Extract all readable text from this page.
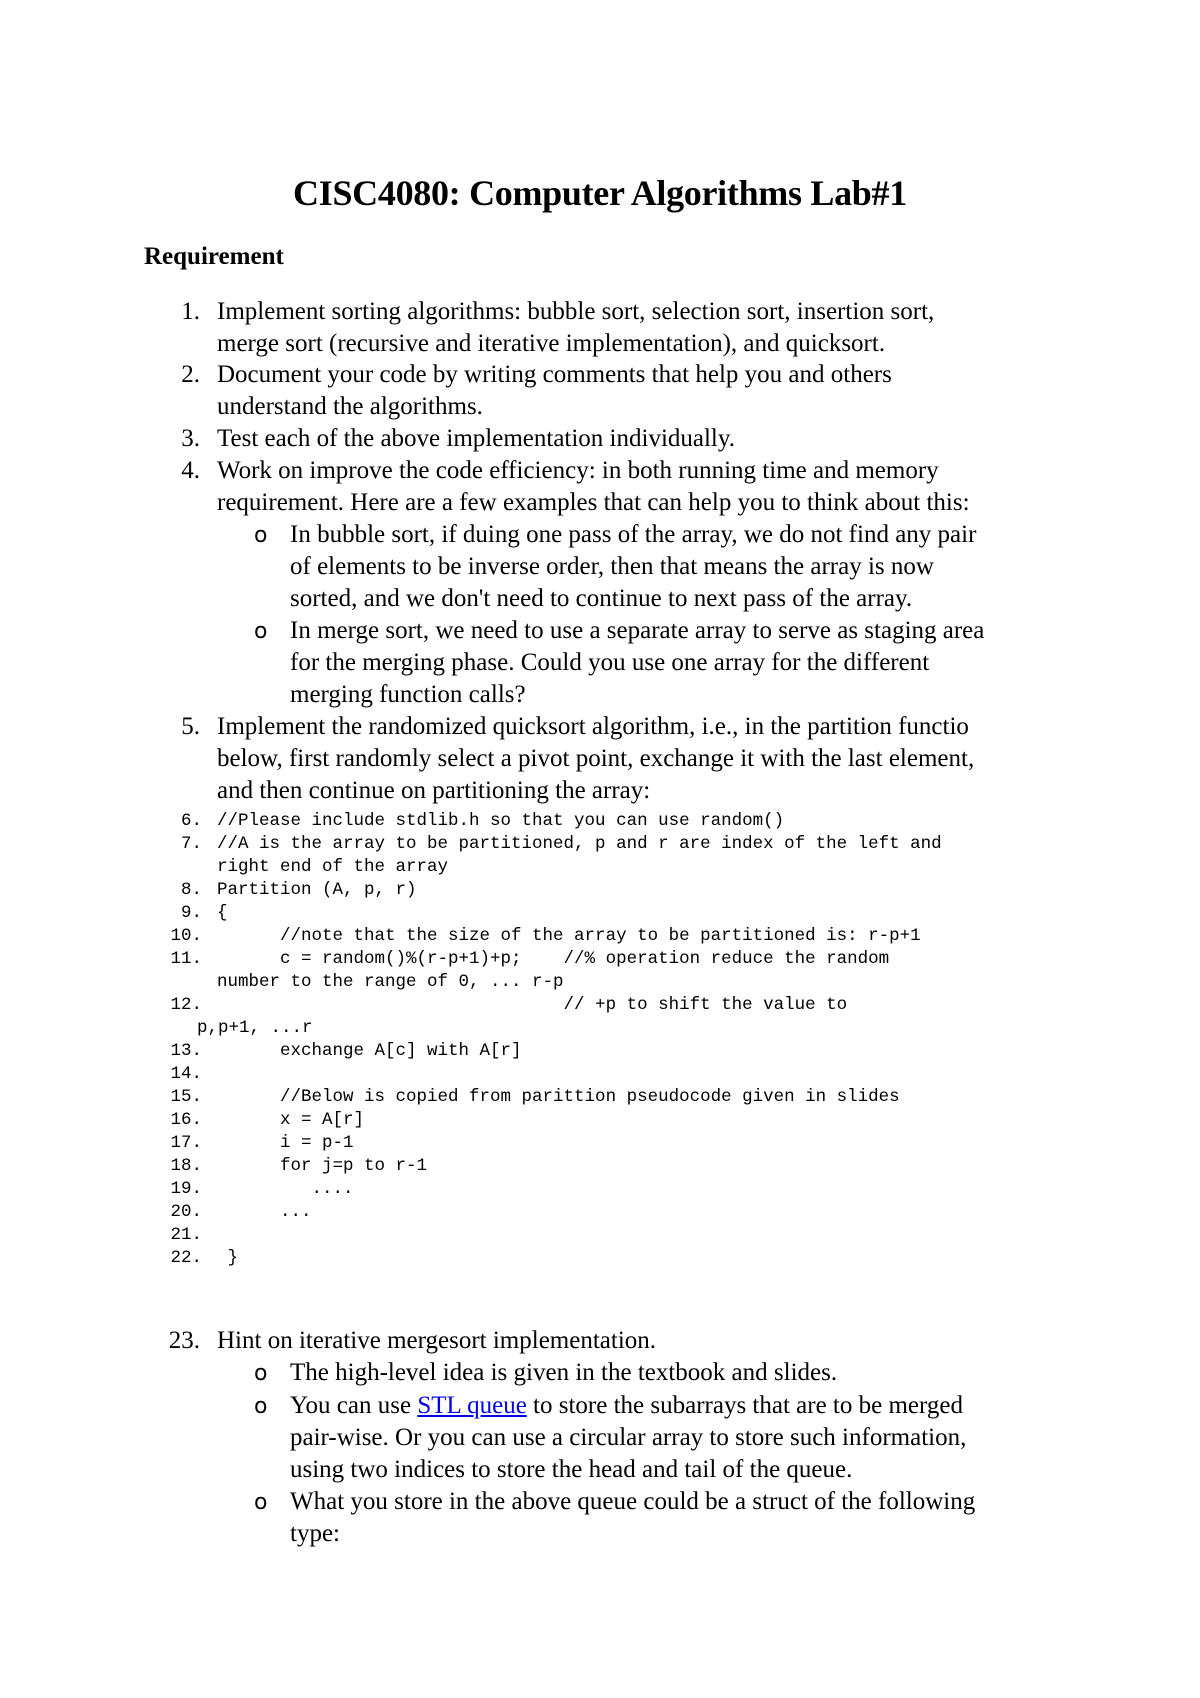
CISC4080: Computer Algorithms Lab#1
Requirement
1. Implement sorting algorithms: bubble sort, selection sort, insertion sort,
merge sort (recursive and iterative implementation), and quicksort.
2. Document your code by writing comments that help you and others
understand the algorithms.
3. Test each of the above implementation individually.
4. Work on improve the code efficiency: in both running time and memory
requirement. Here are a few examples that can help you to think about this:
o In bubble sort, if duing one pass of the array, we do not find any pair
of elements to be inverse order, then that means the array is now
sorted, and we don't need to continue to next pass of the array.
o In merge sort, we need to use a separate array to serve as staging area
for the merging phase. Could you use one array for the different
merging function calls?
5. Implement the randomized quicksort algorithm, i.e., in the partition functio
below, first randomly select a pivot point, exchange it with the last element,
and then continue on partitioning the array:
6. //Please include stdlib.h so that you can use random()
7. //A is the array to be partitioned, p and r are index of the left and
right end of the array
8. Partition (A, p, r)
9. {
10. //note that the size of the array to be partitioned is: r-p+1
11. c = random()%(r-p+1)+p;    //% operation reduce the random
number to the range of 0, ... r-p
12. // +p to shift the value to
p,p+1, ...r
13. exchange A[c] with A[r]
14.
15. //Below is copied from parittion pseudocode given in slides
16. x = A[r]
17. i = p-1
18. for j=p to r-1
19. ....
20. ...
21.
22. }
23. Hint on iterative mergesort implementation.
o The high-level idea is given in the textbook and slides.
o You can use STL queue to store the subarrays that are to be merged
pair-wise. Or you can use a circular array to store such information,
using two indices to store the head and tail of the queue.
o What you store in the above queue could be a struct of the following
type:
